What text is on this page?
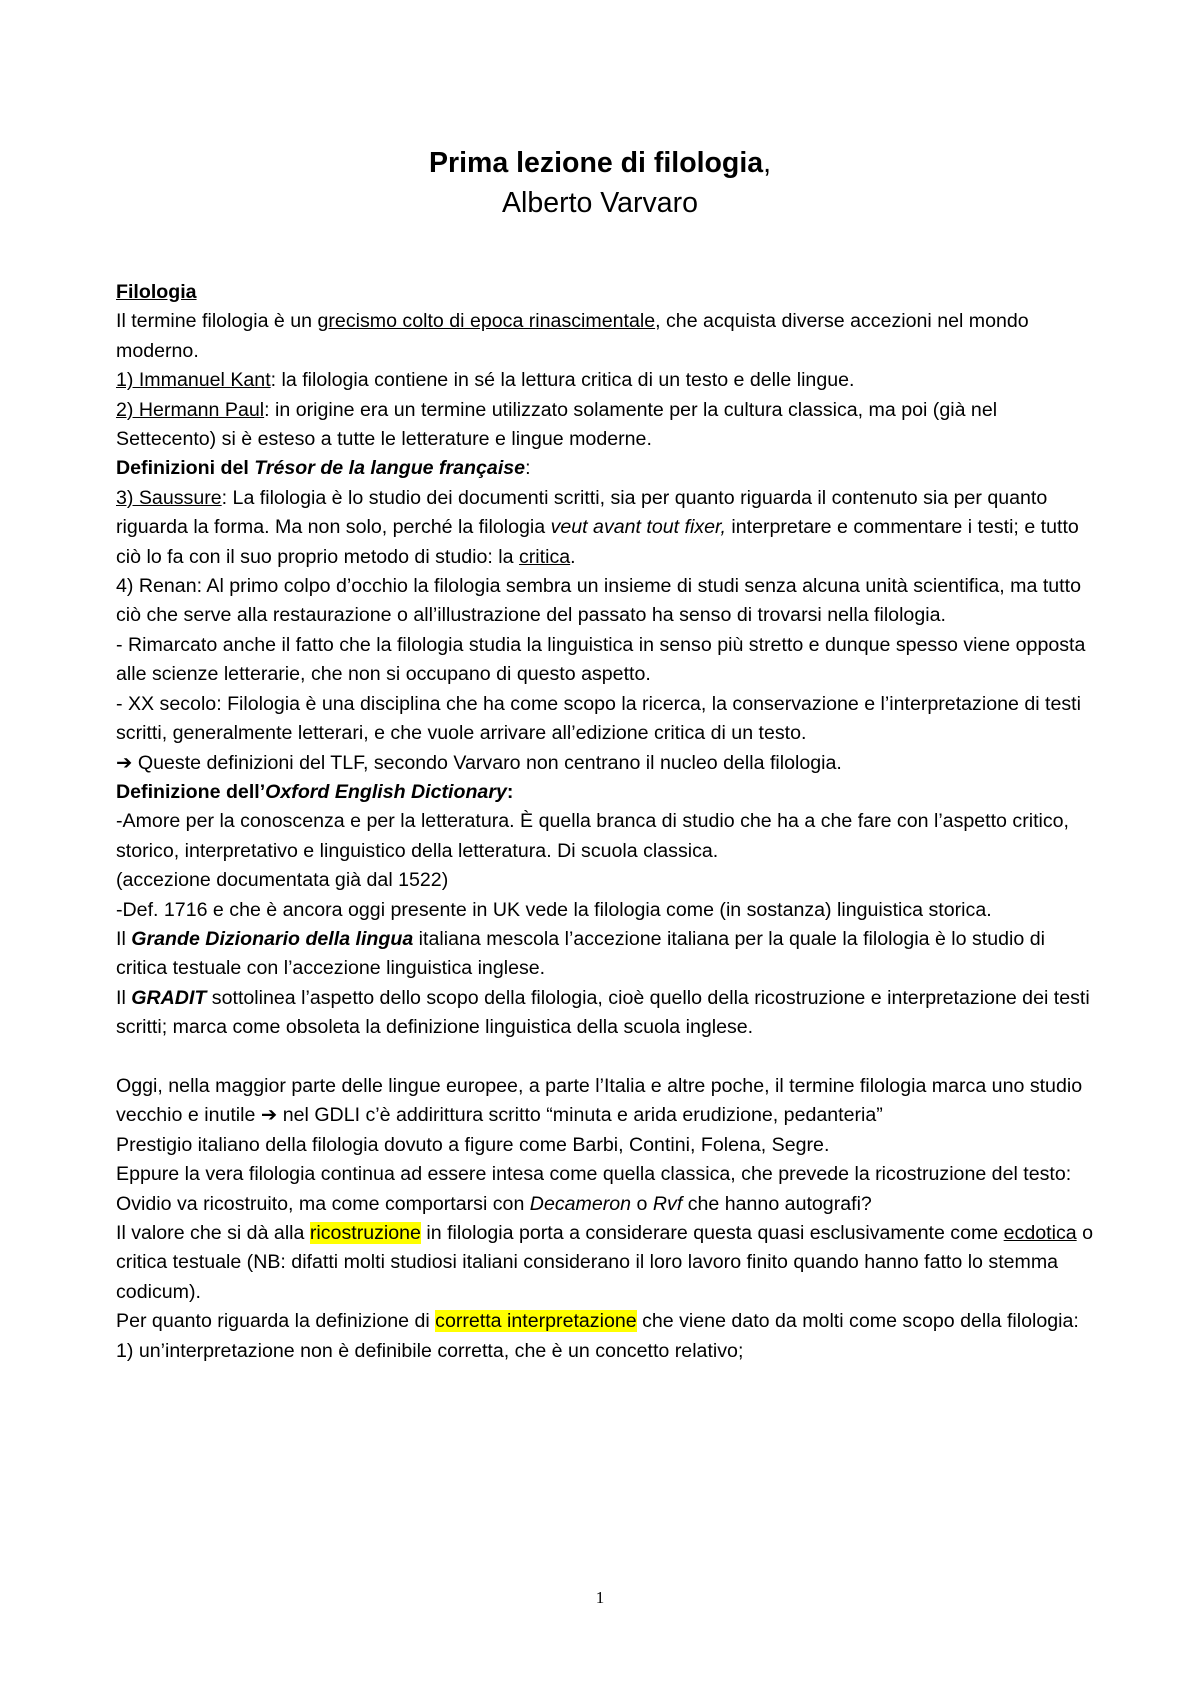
Prima lezione di filologia,
Alberto Varvaro

Filologia

Il termine filologia è un grecismo colto di epoca rinascimentale, che acquista diverse accezioni nel mondo moderno.

1) Immanuel Kant: la filologia contiene in sé la lettura critica di un testo e delle lingue.

2) Hermann Paul: in origine era un termine utilizzato solamente per la cultura classica, ma poi (già nel Settecento) si è esteso a tutte le letterature e lingue moderne.

Definizioni del Trésor de la langue française:

3) Saussure: La filologia è lo studio dei documenti scritti, sia per quanto riguarda il contenuto sia per quanto riguarda la forma. Ma non solo, perché la filologia veut avant tout fixer, interpretare e commentare i testi; e tutto ciò lo fa con il suo proprio metodo di studio: la critica.

4) Renan: Al primo colpo d’occhio la filologia sembra un insieme di studi senza alcuna unità scientifica, ma tutto ciò che serve alla restaurazione o all’illustrazione del passato ha senso di trovarsi nella filologia.

- Rimarcato anche il fatto che la filologia studia la linguistica in senso più stretto e dunque spesso viene opposta alle scienze letterarie, che non si occupano di questo aspetto.

- XX secolo: Filologia è una disciplina che ha come scopo la ricerca, la conservazione e l’interpretazione di testi scritti, generalmente letterari, e che vuole arrivare all’edizione critica di un testo.

➔ Queste definizioni del TLF, secondo Varvaro non centrano il nucleo della filologia.

Definizione dell’Oxford English Dictionary:

-Amore per la conoscenza e per la letteratura. È quella branca di studio che ha a che fare con l’aspetto critico, storico, interpretativo e linguistico della letteratura. Di scuola classica.

(accezione documentata già dal 1522)

-Def. 1716 e che è ancora oggi presente in UK vede la filologia come (in sostanza) linguistica storica.

Il Grande Dizionario della lingua italiana mescola l’accezione italiana per la quale la filologia è lo studio di critica testuale con l’accezione linguistica inglese.

Il GRADIT sottolinea l’aspetto dello scopo della filologia, cioè quello della ricostruzione e interpretazione dei testi scritti; marca come obsoleta la definizione linguistica della scuola inglese.

Oggi, nella maggior parte delle lingue europee, a parte l’Italia e altre poche, il termine filologia marca uno studio vecchio e inutile ➔ nel GDLI c’è addirittura scritto “minuta e arida erudizione, pedanteria”

Prestigio italiano della filologia dovuto a figure come Barbi, Contini, Folena, Segre.

Eppure la vera filologia continua ad essere intesa come quella classica, che prevede la ricostruzione del testo: Ovidio va ricostruito, ma come comportarsi con Decameron o Rvf che hanno autografi?

Il valore che si dà alla ricostruzione in filologia porta a considerare questa quasi esclusivamente come ecdotica o critica testuale (NB: difatti molti studiosi italiani considerano il loro lavoro finito quando hanno fatto lo stemma codicum).

Per quanto riguarda la definizione di corretta interpretazione che viene dato da molti come scopo della filologia:

1) un’interpretazione non è definibile corretta, che è un concetto relativo;

1
